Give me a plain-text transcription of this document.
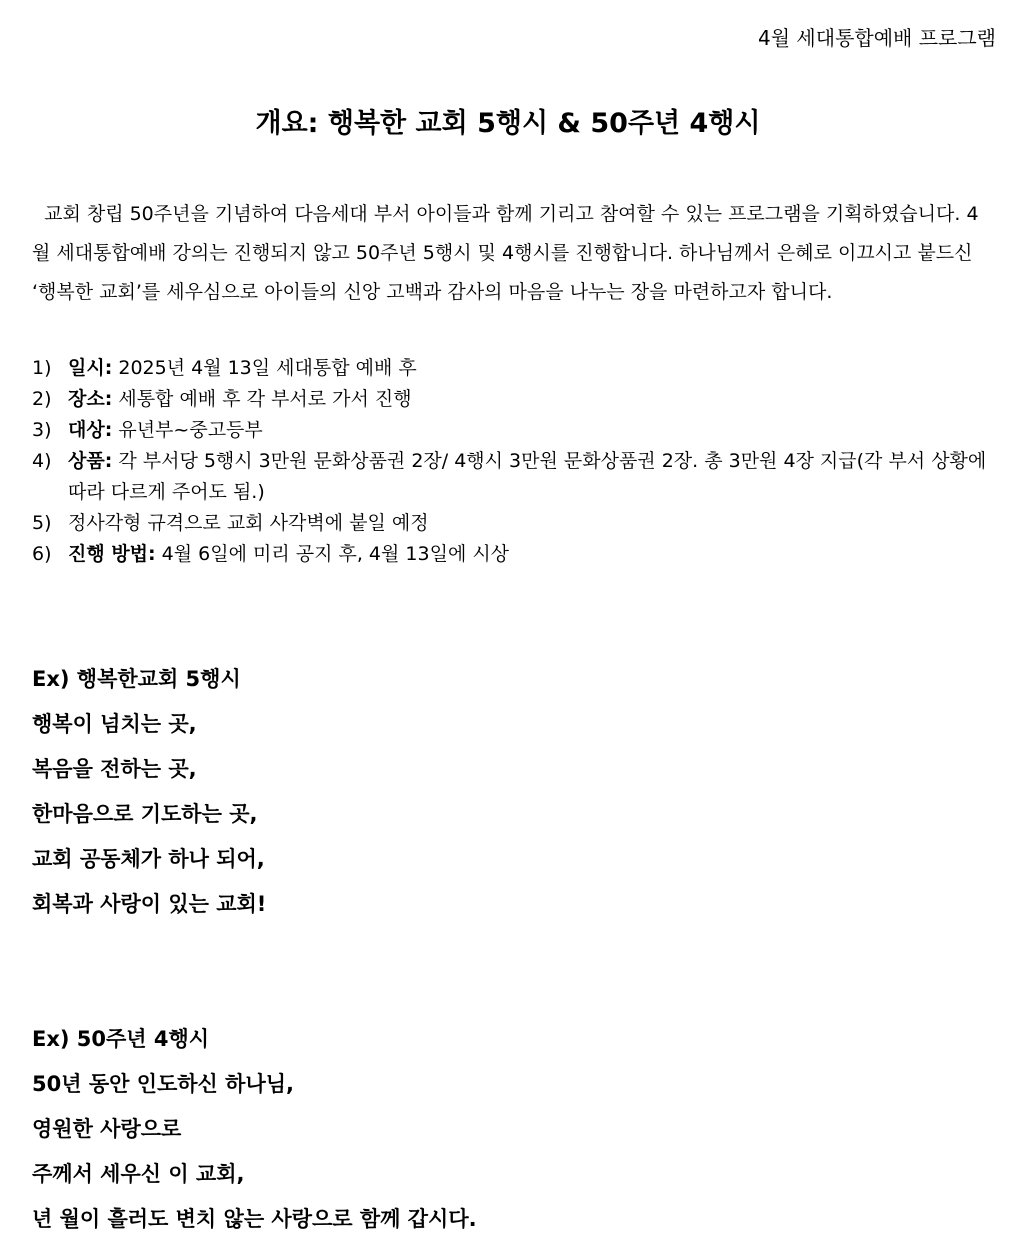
4월 세대통합예배 프로그램
개요: 행복한 교회 5행시 & 50주년 4행시

교회 창립 50주년을 기념하여 다음세대 부서 아이들과 함께 기리고 참여할 수 있는 프로그램을 기획하였습니다. 4월 세대통합예배 강의는 진행되지 않고 50주년 5행시 및 4행시를 진행합니다. 하나님께서 은혜로 이끄시고 붙드신 ‘행복한 교회’를 세우심으로 아이들의 신앙 고백과 감사의 마음을 나누는 장을 마련하고자 합니다.

1) 일시: 2025년 4월 13일 세대통합 예배 후
2) 장소: 세통합 예배 후 각 부서로 가서 진행
3) 대상: 유년부~중고등부
4) 상품: 각 부서당 5행시 3만원 문화상품권 2장/ 4행시 3만원 문화상품권 2장. 총 3만원 4장 지급(각 부서 상황에 따라 다르게 주어도 됨.)
5) 정사각형 규격으로 교회 사각벽에 붙일 예정
6) 진행 방법: 4월 6일에 미리 공지 후, 4월 13일에 시상
Ex) 행복한교회 5행시
행복이 넘치는 곳,
복음을 전하는 곳,
한마음으로 기도하는 곳,
교회 공동체가 하나 되어,
회복과 사랑이 있는 교회!
Ex) 50주년 4행시
50년 동안 인도하신 하나님,
영원한 사랑으로
주께서 세우신 이 교회,
년 월이 흘러도 변치 않는 사랑으로 함께 갑시다.
